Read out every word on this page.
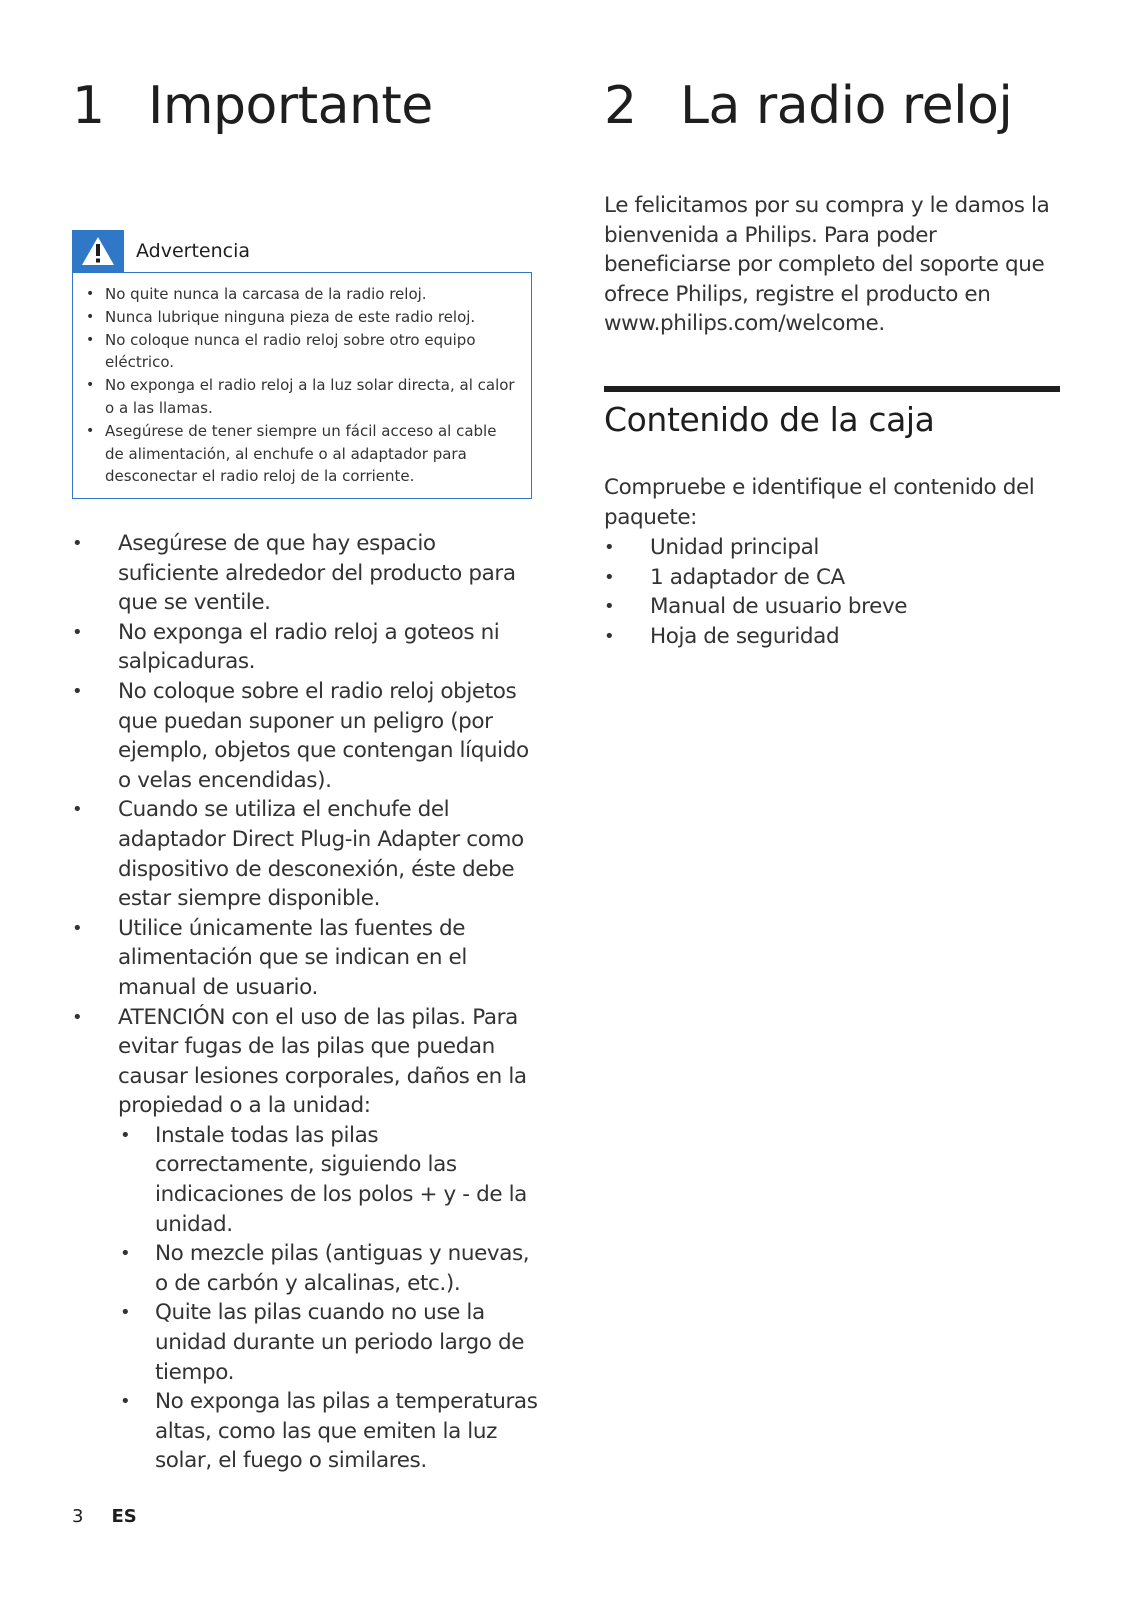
1 Importante
Advertencia
• No quite nunca la carcasa de la radio reloj.
• Nunca lubrique ninguna pieza de este radio reloj.
• No coloque nunca el radio reloj sobre otro equipo eléctrico.
• No exponga el radio reloj a la luz solar directa, al calor o a las llamas.
• Asegúrese de tener siempre un fácil acceso al cable de alimentación, al enchufe o al adaptador para desconectar el radio reloj de la corriente.
• Asegúrese de que hay espacio suficiente alrededor del producto para que se ventile.
• No exponga el radio reloj a goteos ni salpicaduras.
• No coloque sobre el radio reloj objetos que puedan suponer un peligro (por ejemplo, objetos que contengan líquido o velas encendidas).
• Cuando se utiliza el enchufe del adaptador Direct Plug-in Adapter como dispositivo de desconexión, éste debe estar siempre disponible.
• Utilice únicamente las fuentes de alimentación que se indican en el manual de usuario.
• ATENCIÓN con el uso de las pilas. Para evitar fugas de las pilas que puedan causar lesiones corporales, daños en la propiedad o a la unidad:
• Instale todas las pilas correctamente, siguiendo las indicaciones de los polos + y - de la unidad.
• No mezcle pilas (antiguas y nuevas, o de carbón y alcalinas, etc.).
• Quite las pilas cuando no use la unidad durante un periodo largo de tiempo.
• No exponga las pilas a temperaturas altas, como las que emiten la luz solar, el fuego o similares.
2 La radio reloj

Le felicitamos por su compra y le damos la bienvenida a Philips. Para poder beneficiarse por completo del soporte que ofrece Philips, registre el producto en www.philips.com/welcome.

Contenido de la caja

Compruebe e identifique el contenido del paquete:

• Unidad principal
• 1 adaptador de CA
• Manual de usuario breve
• Hoja de seguridad
3 ES
